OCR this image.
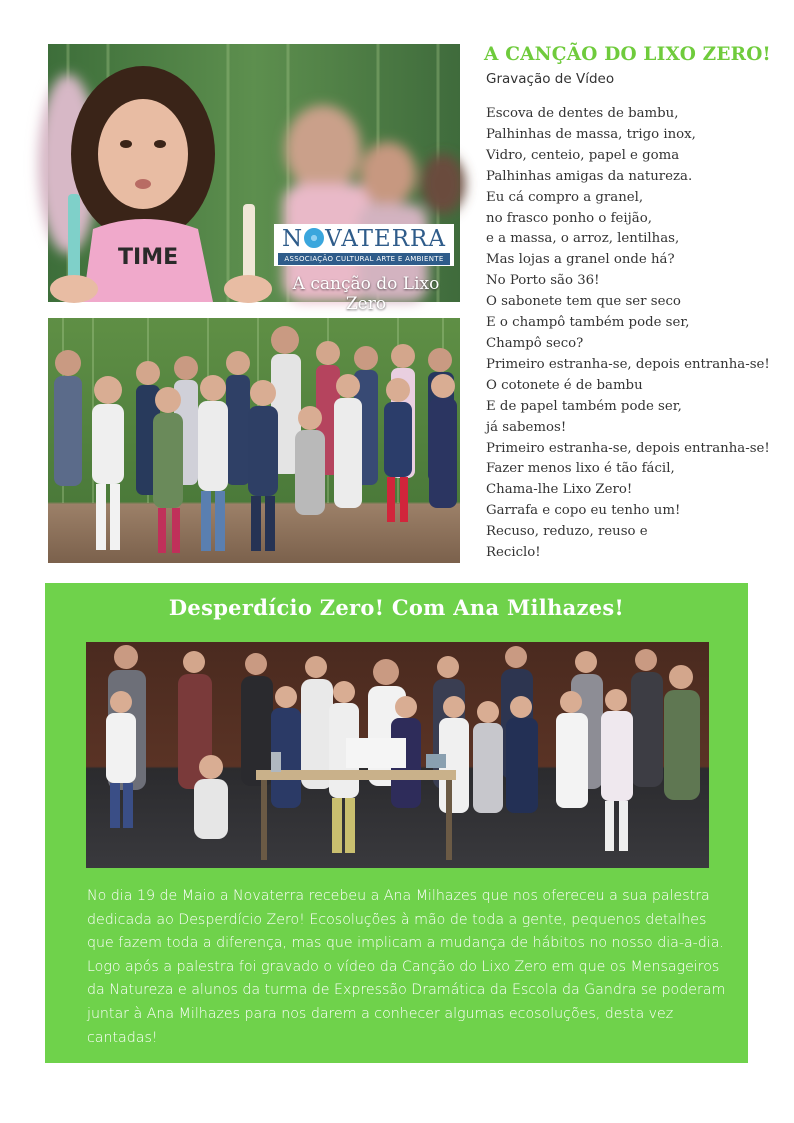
TIME
N VATERRA
ASSOCIAÇÃO CULTURAL ARTE E AMBIENTE
A canção do Lixo Zero
A CANÇÃO DO LIXO ZERO!
Gravação de Vídeo
Escova de dentes de bambu,
Palhinhas de massa, trigo inox,
Vidro, centeio, papel e goma
Palhinhas amigas da natureza.
Eu cá compro a granel,
no frasco ponho o feijão,
e a massa, o arroz, lentilhas,
Mas lojas a granel onde há?
No Porto são 36!
O sabonete tem que ser seco
E o champô também pode ser,
Champô seco?
Primeiro estranha-se, depois entranha-se!
O cotonete é de bambu
E de papel também pode ser,
já sabemos!
Primeiro estranha-se, depois entranha-se!
Fazer menos lixo é tão fácil,
Chama-lhe Lixo Zero!
Garrafa e copo eu tenho um!
Recuso, reduzo, reuso e
Reciclo!
Desperdício Zero! Com Ana Milhazes!

No dia 19 de Maio a Novaterra recebeu a Ana Milhazes que nos ofereceu a sua palestra dedicada ao Desperdício Zero! Ecosoluções à mão de toda a gente, pequenos detalhes que fazem toda a diferença, mas que implicam a mudança de hábitos no nosso dia-a-dia. Logo após a palestra foi gravado o vídeo da Canção do Lixo Zero em que os Mensageiros da Natureza e alunos da turma de Expressão Dramática da Escola da Gandra se poderam juntar à Ana Milhazes para nos darem a conhecer algumas ecosoluções, desta vez cantadas!
